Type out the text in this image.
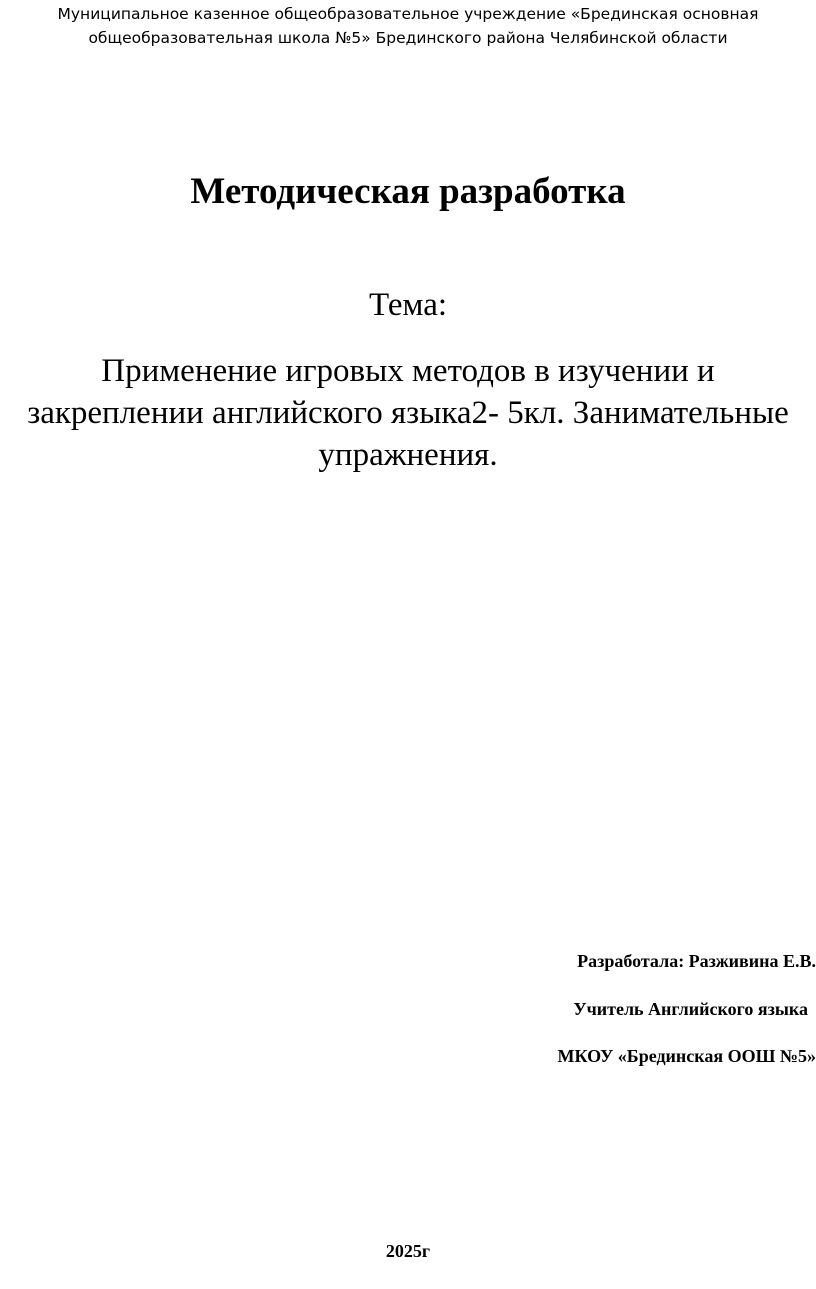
Муниципальное казенное общеобразовательное учреждение «Брединская основная
общеобразовательная школа №5» Брединского района Челябинской области
Методическая разработка
Тема:
Применение игровых методов в изучении и
закреплении английского языка2- 5кл. Занимательные
упражнения.
Разработала: Разживина Е.В.
Учитель Английского языка
МКОУ «Брединская ООШ №5»
2025г
